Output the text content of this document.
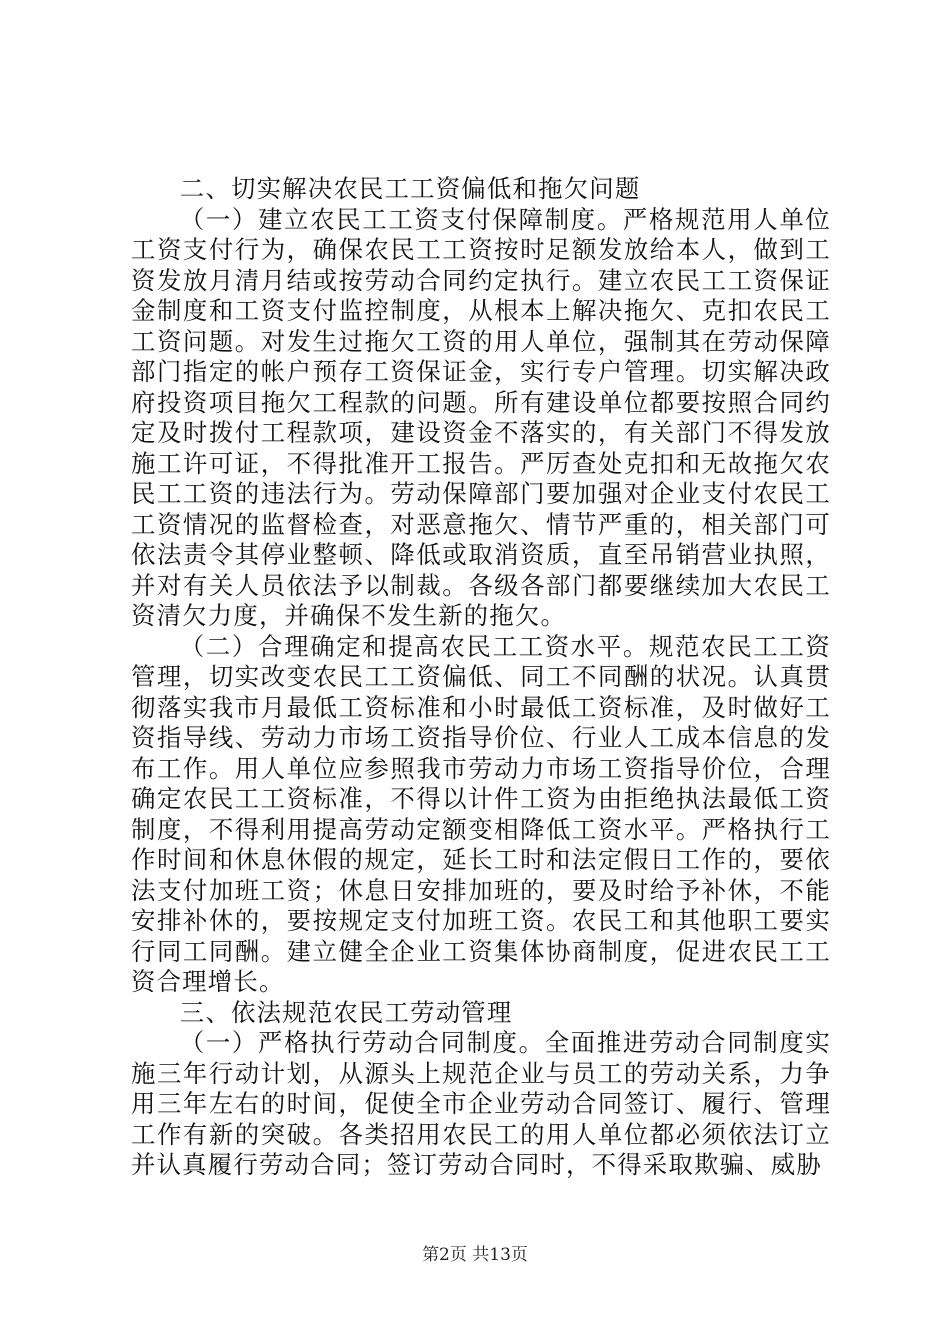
二、切实解决农民工工资偏低和拖欠问题

（一）建立农民工工资支付保障制度。严格规范用人单位工资支付行为，确保农民工工资按时足额发放给本人，做到工资发放月清月结或按劳动合同约定执行。建立农民工工资保证金制度和工资支付监控制度，从根本上解决拖欠、克扣农民工工资问题。对发生过拖欠工资的用人单位，强制其在劳动保障部门指定的帐户预存工资保证金，实行专户管理。切实解决政府投资项目拖欠工程款的问题。所有建设单位都要按照合同约定及时拨付工程款项，建设资金不落实的，有关部门不得发放施工许可证，不得批准开工报告。严厉查处克扣和无故拖欠农民工工资的违法行为。劳动保障部门要加强对企业支付农民工工资情况的监督检查，对恶意拖欠、情节严重的，相关部门可依法责令其停业整顿、降低或取消资质，直至吊销营业执照，并对有关人员依法予以制裁。各级各部门都要继续加大农民工资清欠力度，并确保不发生新的拖欠。

（二）合理确定和提高农民工工资水平。规范农民工工资管理，切实改变农民工工资偏低、同工不同酬的状况。认真贯彻落实我市月最低工资标准和小时最低工资标准，及时做好工资指导线、劳动力市场工资指导价位、行业人工成本信息的发布工作。用人单位应参照我市劳动力市场工资指导价位，合理确定农民工工资标准，不得以计件工资为由拒绝执法最低工资制度，不得利用提高劳动定额变相降低工资水平。严格执行工作时间和休息休假的规定，延长工时和法定假日工作的，要依法支付加班工资；休息日安排加班的，要及时给予补休，不能安排补休的，要按规定支付加班工资。农民工和其他职工要实行同工同酬。建立健全企业工资集体协商制度，促进农民工工资合理增长。

三、依法规范农民工劳动管理

（一）严格执行劳动合同制度。全面推进劳动合同制度实施三年行动计划，从源头上规范企业与员工的劳动关系，力争用三年左右的时间，促使全市企业劳动合同签订、履行、管理工作有新的突破。各类招用农民工的用人单位都必须依法订立并认真履行劳动合同；签订劳动合同时，不得采取欺骗、威胁

第2页 共13页
